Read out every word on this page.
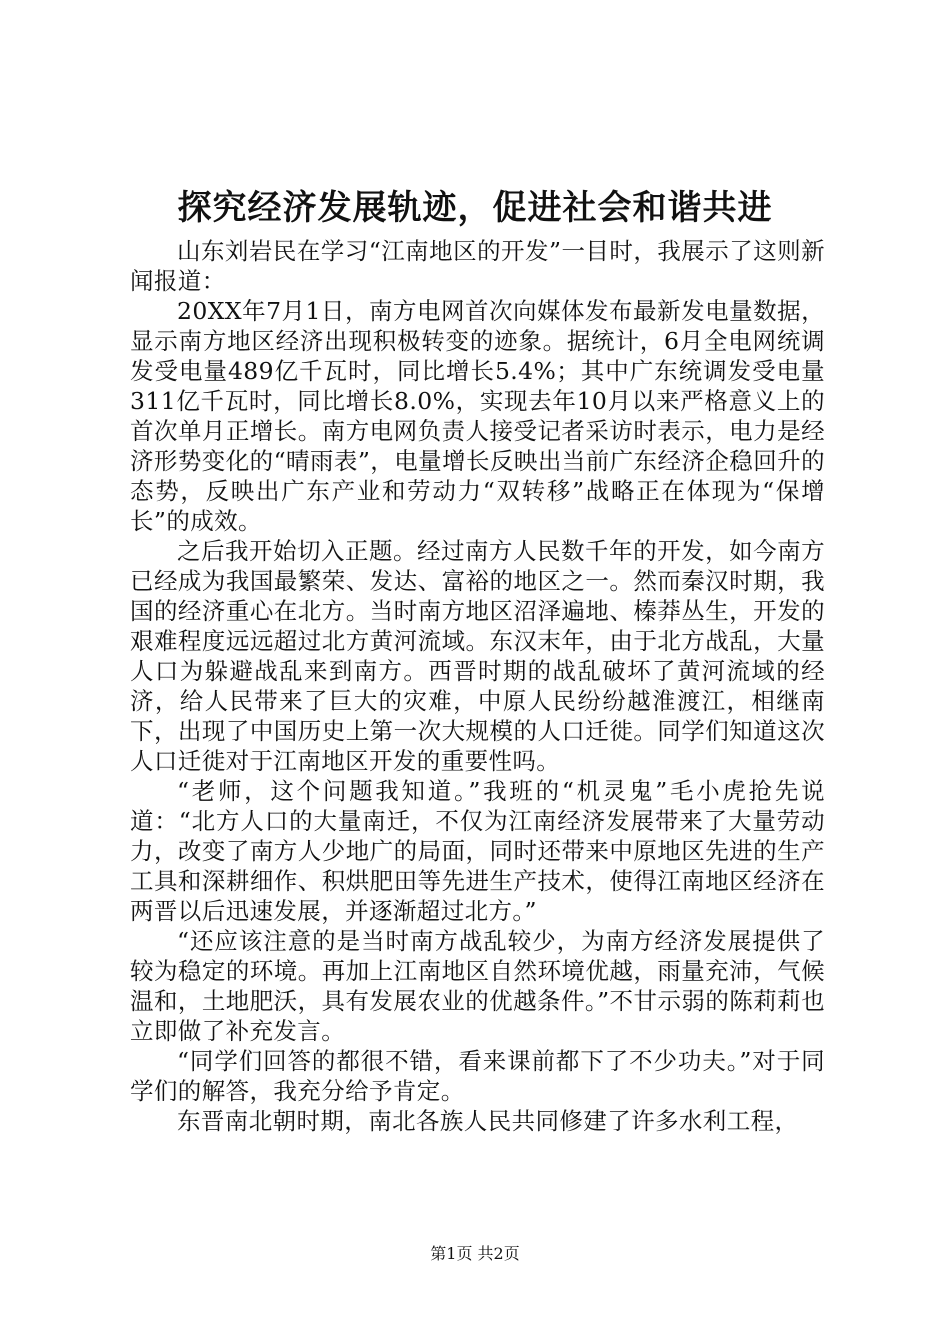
探究经济发展轨迹，促进社会和谐共进

山东刘岩民在学习“江南地区的开发”一目时，我展示了这则新闻报道：

20XX年7月1日，南方电网首次向媒体发布最新发电量数据，显示南方地区经济出现积极转变的迹象。据统计，6月全电网统调发受电量489亿千瓦时，同比增长5.4%；其中广东统调发受电量311亿千瓦时，同比增长8.0%，实现去年10月以来严格意义上的首次单月正增长。南方电网负责人接受记者采访时表示，电力是经济形势变化的“晴雨表”，电量增长反映出当前广东经济企稳回升的态势，反映出广东产业和劳动力“双转移”战略正在体现为“保增长”的成效。

之后我开始切入正题。经过南方人民数千年的开发，如今南方已经成为我国最繁荣、发达、富裕的地区之一。然而秦汉时期，我国的经济重心在北方。当时南方地区沼泽遍地、榛莽丛生，开发的艰难程度远远超过北方黄河流域。东汉末年，由于北方战乱，大量人口为躲避战乱来到南方。西晋时期的战乱破坏了黄河流域的经济，给人民带来了巨大的灾难，中原人民纷纷越淮渡江，相继南下，出现了中国历史上第一次大规模的人口迁徙。同学们知道这次人口迁徙对于江南地区开发的重要性吗。

“老师，这个问题我知道。”我班的“机灵鬼”毛小虎抢先说道：“北方人口的大量南迁，不仅为江南经济发展带来了大量劳动力，改变了南方人少地广的局面，同时还带来中原地区先进的生产工具和深耕细作、积烘肥田等先进生产技术，使得江南地区经济在两晋以后迅速发展，并逐渐超过北方。”

“还应该注意的是当时南方战乱较少，为南方经济发展提供了较为稳定的环境。再加上江南地区自然环境优越，雨量充沛，气候温和，土地肥沃，具有发展农业的优越条件。”不甘示弱的陈莉莉也立即做了补充发言。

“同学们回答的都很不错，看来课前都下了不少功夫。”对于同学们的解答，我充分给予肯定。

东晋南北朝时期，南北各族人民共同修建了许多水利工程，

第1页 共2页
